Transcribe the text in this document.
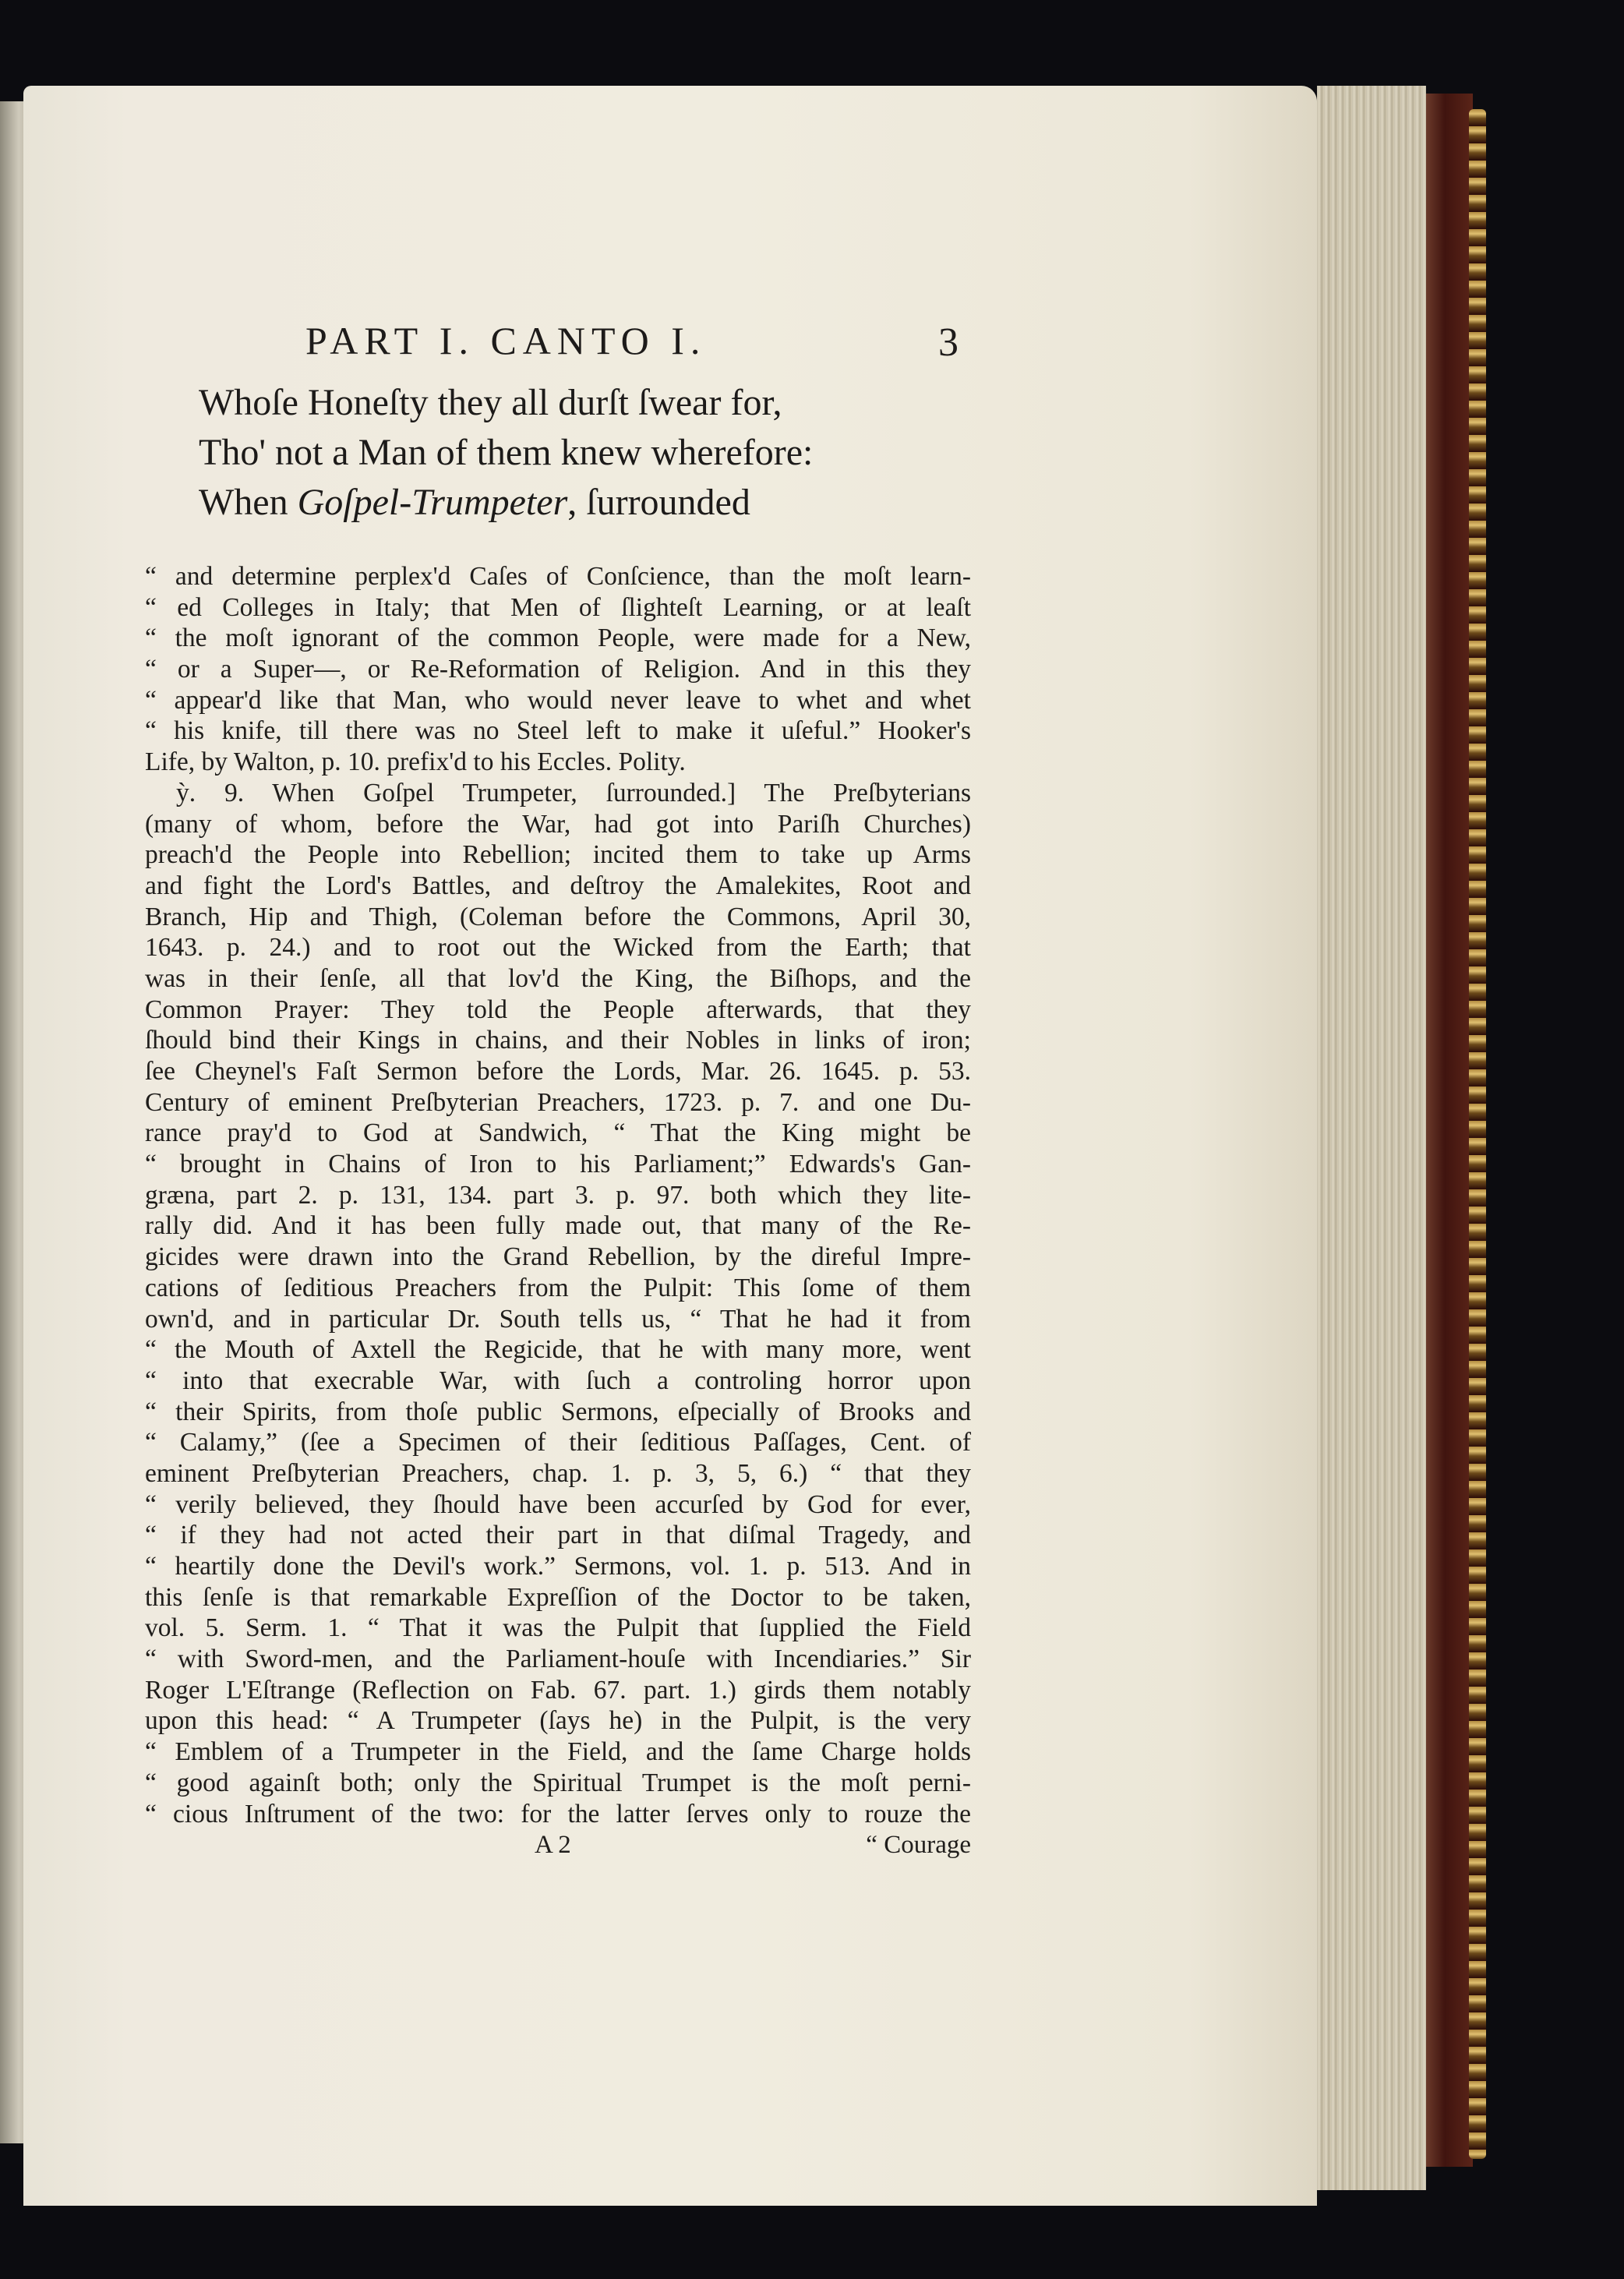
PART I. CANTO I.	3
Whoſe Honeſty they all durſt ſwear for,
Tho' not a Man of them knew wherefore:
When Goſpel-Trumpeter, ſurrounded
“ and determine perplex'd Caſes of Conſcience, than the moſt learn-
“ ed Colleges in Italy; that Men of ſlighteſt Learning, or at leaſt
“ the moſt ignorant of the common People, were made for a New,
“ or a Super—, or Re-Reformation of Religion. And in this they
“ appear'd like that Man, who would never leave to whet and whet
“ his knife, till there was no Steel left to make it uſeful.” Hooker's
Life, by Walton, p. 10. prefix'd to his Eccles. Polity.
ỳ. 9. When Goſpel Trumpeter, ſurrounded.] The Preſbyterians
(many of whom, before the War, had got into Pariſh Churches)
preach'd the People into Rebellion; incited them to take up Arms
and fight the Lord's Battles, and deſtroy the Amalekites, Root and
Branch, Hip and Thigh, (Coleman before the Commons, April 30,
1643. p. 24.) and to root out the Wicked from the Earth; that
was in their ſenſe, all that lov'd the King, the Biſhops, and the
Common Prayer: They told the People afterwards, that they
ſhould bind their Kings in chains, and their Nobles in links of iron;
ſee Cheynel's Faſt Sermon before the Lords, Mar. 26. 1645. p. 53.
Century of eminent Preſbyterian Preachers, 1723. p. 7. and one Du-
rance pray'd to God at Sandwich, “ That the King might be
“ brought in Chains of Iron to his Parliament;” Edwards's Gan-
græna, part 2. p. 131, 134. part 3. p. 97. both which they lite-
rally did. And it has been fully made out, that many of the Re-
gicides were drawn into the Grand Rebellion, by the direful Impre-
cations of ſeditious Preachers from the Pulpit: This ſome of them
own'd, and in particular Dr. South tells us, “ That he had it from
“ the Mouth of Axtell the Regicide, that he with many more, went
“ into that execrable War, with ſuch a controling horror upon
“ their Spirits, from thoſe public Sermons, eſpecially of Brooks and
“ Calamy,” (ſee a Specimen of their ſeditious Paſſages, Cent. of
eminent Preſbyterian Preachers, chap. 1. p. 3, 5, 6.) “ that they
“ verily believed, they ſhould have been accurſed by God for ever,
“ if they had not acted their part in that diſmal Tragedy, and
“ heartily done the Devil's work.” Sermons, vol. 1. p. 513. And in
this ſenſe is that remarkable Expreſſion of the Doctor to be taken,
vol. 5. Serm. 1. “ That it was the Pulpit that ſupplied the Field
“ with Sword-men, and the Parliament-houſe with Incendiaries.” Sir
Roger L'Eſtrange (Reflection on Fab. 67. part. 1.) girds them notably
upon this head: “ A Trumpeter (ſays he) in the Pulpit, is the very
“ Emblem of a Trumpeter in the Field, and the ſame Charge holds
“ good againſt both; only the Spiritual Trumpet is the moſt perni-
“ cious Inſtrument of the two: for the latter ſerves only to rouze the
A 2	“ Courage
